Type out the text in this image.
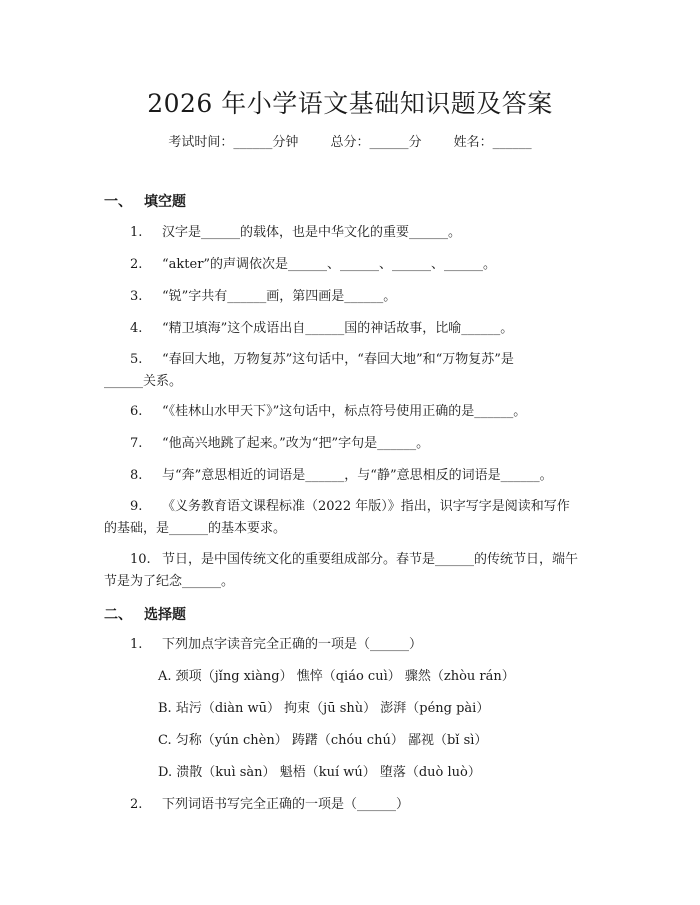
2026 年小学语文基础知识题及答案
考试时间：______分钟 总分：______分 姓名：______
一、 填空题
1. 汉字是______的载体，也是中华文化的重要______。
2. “akter”的声调依次是______、______、______、______。
3. “锐”字共有______画，第四画是______。
4. “精卫填海”这个成语出自______国的神话故事，比喻______。
5. “春回大地，万物复苏”这句话中，“春回大地”和“万物复苏”是
______关系。
6. “《桂林山水甲天下》”这句话中，标点符号使用正确的是______。
7. “他高兴地跳了起来。”改为“把”字句是______。
8. 与“奔”意思相近的词语是______，与“静”意思相反的词语是______。
9. 《义务教育语文课程标准（2022 年版）》指出，识字写字是阅读和写作
的基础，是______的基本要求。
10. 节日，是中国传统文化的重要组成部分。春节是______的传统节日，端午
节是为了纪念______。
二、 选择题
1. 下列加点字读音完全正确的一项是（______）
A. 颈项（jǐng xiàng） 憔悴（qiáo cuì） 骤然（zhòu rán）
B. 玷污（diàn wū） 拘束（jū shù） 澎湃（péng pài）
C. 匀称（yún chèn） 踌躇（chóu chú） 鄙视（bǐ sì）
D. 溃散（kuì sàn） 魁梧（kuí wú） 堕落（duò luò）
2. 下列词语书写完全正确的一项是（______）
